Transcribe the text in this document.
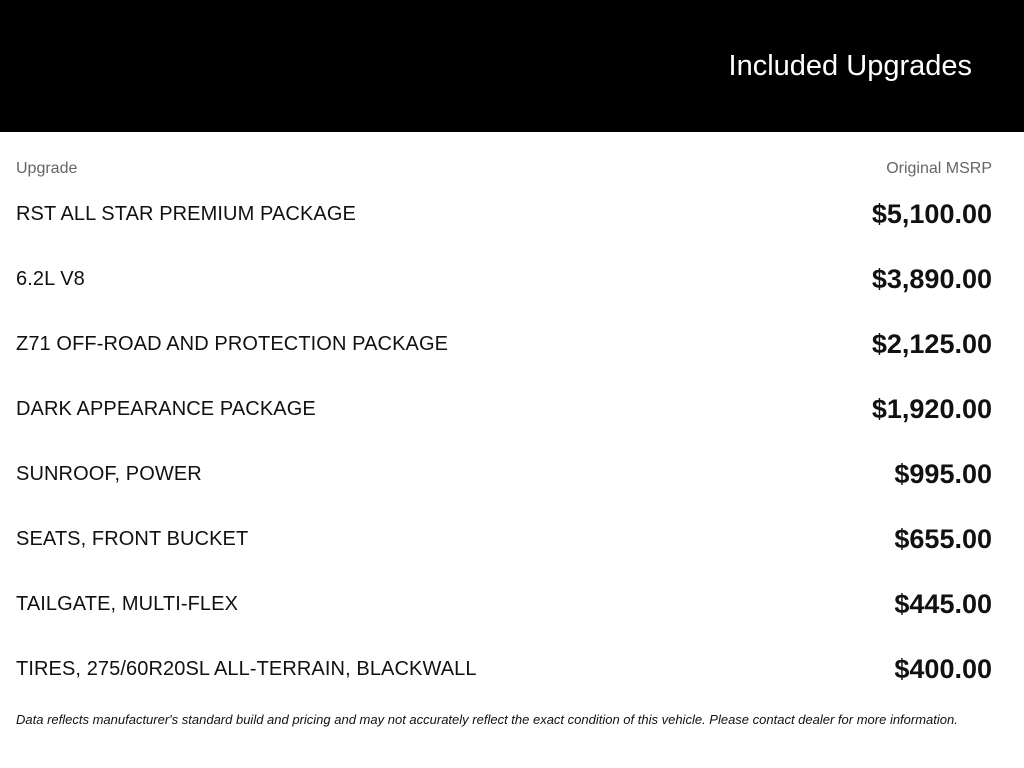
Included Upgrades
Upgrade	Original MSRP
RST ALL STAR PREMIUM PACKAGE	$5,100.00
6.2L V8	$3,890.00
Z71 OFF-ROAD AND PROTECTION PACKAGE	$2,125.00
DARK APPEARANCE PACKAGE	$1,920.00
SUNROOF, POWER	$995.00
SEATS, FRONT BUCKET	$655.00
TAILGATE, MULTI-FLEX	$445.00
TIRES, 275/60R20SL ALL-TERRAIN, BLACKWALL	$400.00
Data reflects manufacturer's standard build and pricing and may not accurately reflect the exact condition of this vehicle. Please contact dealer for more information.
